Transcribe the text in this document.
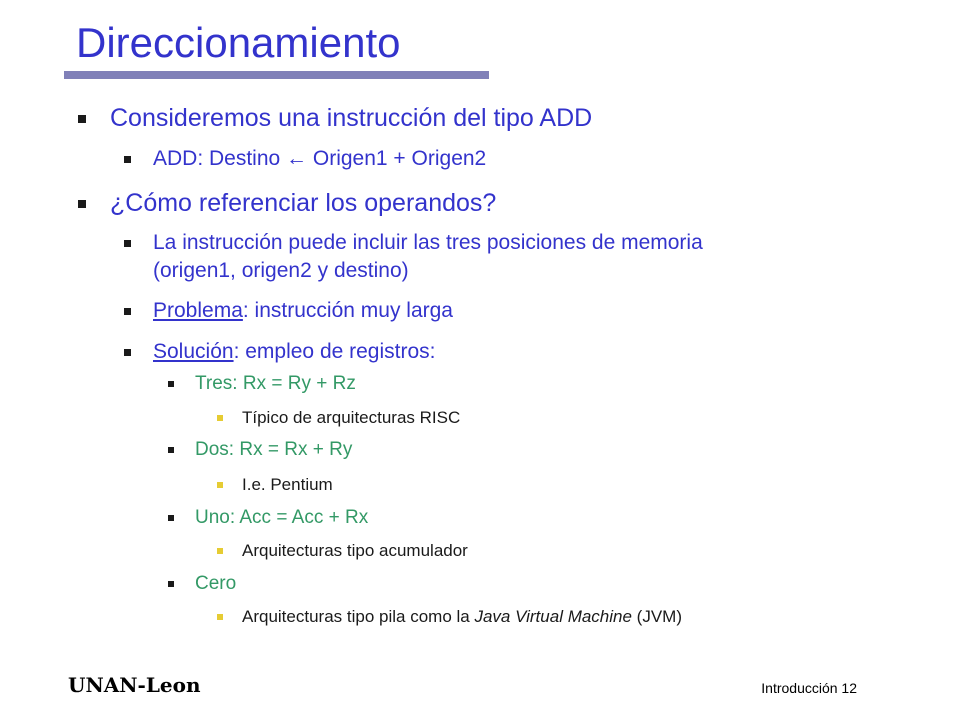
Direccionamiento
Consideremos una instrucción del tipo ADD
ADD: Destino ← Origen1 + Origen2
¿Cómo referenciar los operandos?
La instrucción puede incluir las tres posiciones de memoria
(origen1, origen2 y destino)
Problema: instrucción muy larga
Solución: empleo de registros:
Tres: Rx = Ry + Rz
Típico de arquitecturas RISC
Dos: Rx = Rx + Ry
I.e. Pentium
Uno: Acc = Acc + Rx
Arquitecturas tipo acumulador
Cero
Arquitecturas tipo pila como la Java Virtual Machine (JVM)
UNAN-Leon	Introducción 12
